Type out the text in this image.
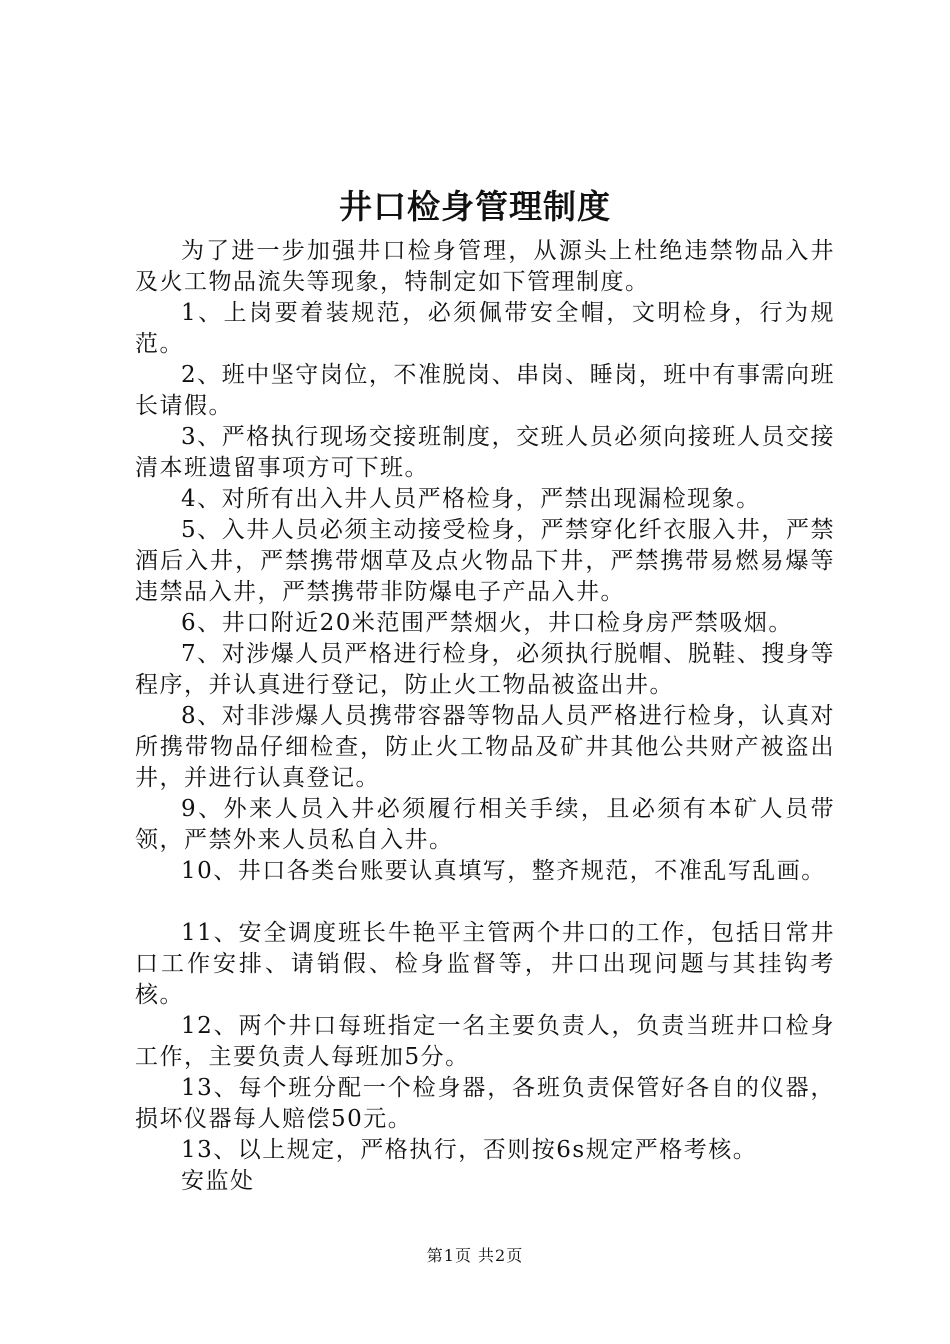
井口检身管理制度

为了进一步加强井口检身管理，从源头上杜绝违禁物品入井及火工物品流失等现象，特制定如下管理制度。

1、上岗要着装规范，必须佩带安全帽，文明检身，行为规范。

2、班中坚守岗位，不准脱岗、串岗、睡岗，班中有事需向班长请假。

3、严格执行现场交接班制度，交班人员必须向接班人员交接清本班遗留事项方可下班。

4、对所有出入井人员严格检身，严禁出现漏检现象。

5、入井人员必须主动接受检身，严禁穿化纤衣服入井，严禁酒后入井，严禁携带烟草及点火物品下井，严禁携带易燃易爆等违禁品入井，严禁携带非防爆电子产品入井。

6、井口附近20米范围严禁烟火，井口检身房严禁吸烟。

7、对涉爆人员严格进行检身，必须执行脱帽、脱鞋、搜身等程序，并认真进行登记，防止火工物品被盗出井。

8、对非涉爆人员携带容器等物品人员严格进行检身，认真对所携带物品仔细检查，防止火工物品及矿井其他公共财产被盗出井，并进行认真登记。

9、外来人员入井必须履行相关手续，且必须有本矿人员带领，严禁外来人员私自入井。

10、井口各类台账要认真填写，整齐规范，不准乱写乱画。

11、安全调度班长牛艳平主管两个井口的工作，包括日常井口工作安排、请销假、检身监督等，井口出现问题与其挂钩考核。

12、两个井口每班指定一名主要负责人，负责当班井口检身工作，主要负责人每班加5分。

13、每个班分配一个检身器，各班负责保管好各自的仪器，损坏仪器每人赔偿50元。

13、以上规定，严格执行，否则按6s规定严格考核。

安监处

第1页 共2页
